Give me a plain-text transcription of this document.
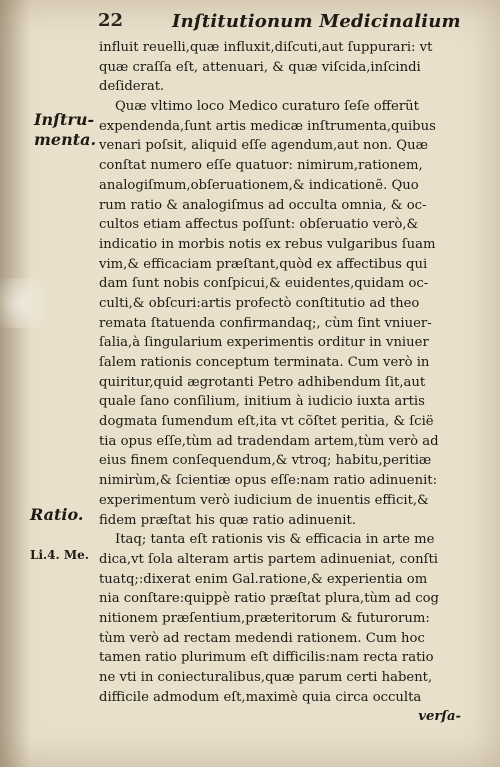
22	Inſtitutionum Medicinalium
Inſtru-
menta.
Ratio.
Li.4. Me.
influit reuelli,quæ influxit,diſcuti,aut ſuppurari: vt
quæ craſſa eſt, attenuari, & quæ viſcida,inſcindi
deſiderat.
Quæ vltimo loco Medico curaturo ſeſe offerũt
expendenda,ſunt artis medicæ inſtrumenta,quibus
venari poſsit, aliquid eſſe agendum,aut non. Quæ
conſtat numero eſſe quatuor: nimirum,rationem,
analogiſmum,obſeruationem,& indicationẽ. Quo
rum ratio & analogiſmus ad occulta omnia, & oc-
cultos etiam affectus poſſunt: obſeruatio verò,&
indicatio in morbis notis ex rebus vulgaribus ſuam
vim,& efficaciam præſtant,quòd ex affectibus qui
dam ſunt nobis conſpicui,& euidentes,quidam oc-
culti,& obſcuri:artis profectò conſtitutio ad theo
remata ſtatuenda confirmandaq;, cùm ſint vniuer-
ſalia,à ſingularium experimentis orditur in vniuer
ſalem rationis conceptum terminata. Cum verò in
quiritur,quid ægrotanti Petro adhibendum ſit,aut
quale ſano conſilium, initium à iudicio iuxta artis
dogmata ſumendum eſt,ita vt cõſtet peritia, & ſcië
tia opus eſſe,tùm ad tradendam artem,tùm verò ad
eius finem conſequendum,& vtroq; habitu,peritiæ
nimirùm,& ſcientiæ opus eſſe:nam ratio adinuenit:
experimentum verò iudicium de inuentis efficit,&
fidem præſtat his quæ ratio adinuenit.
Itaq; tanta eſt rationis vis & efficacia in arte me
dica,vt ſola alteram artis partem adinueniat, conſti
tuatq;:dixerat enim Gal.ratione,& experientia om
nia conſtare:quippè ratio præſtat plura,tùm ad cog
nitionem præſentium,præteritorum & futurorum:
tùm verò ad rectam medendi rationem. Cum hoc
tamen ratio plurimum eſt difficilis:nam recta ratio
ne vti in coniecturalibus,quæ parum certi habent,
difficile admodum eſt,maximè quia circa occulta
verſa-
